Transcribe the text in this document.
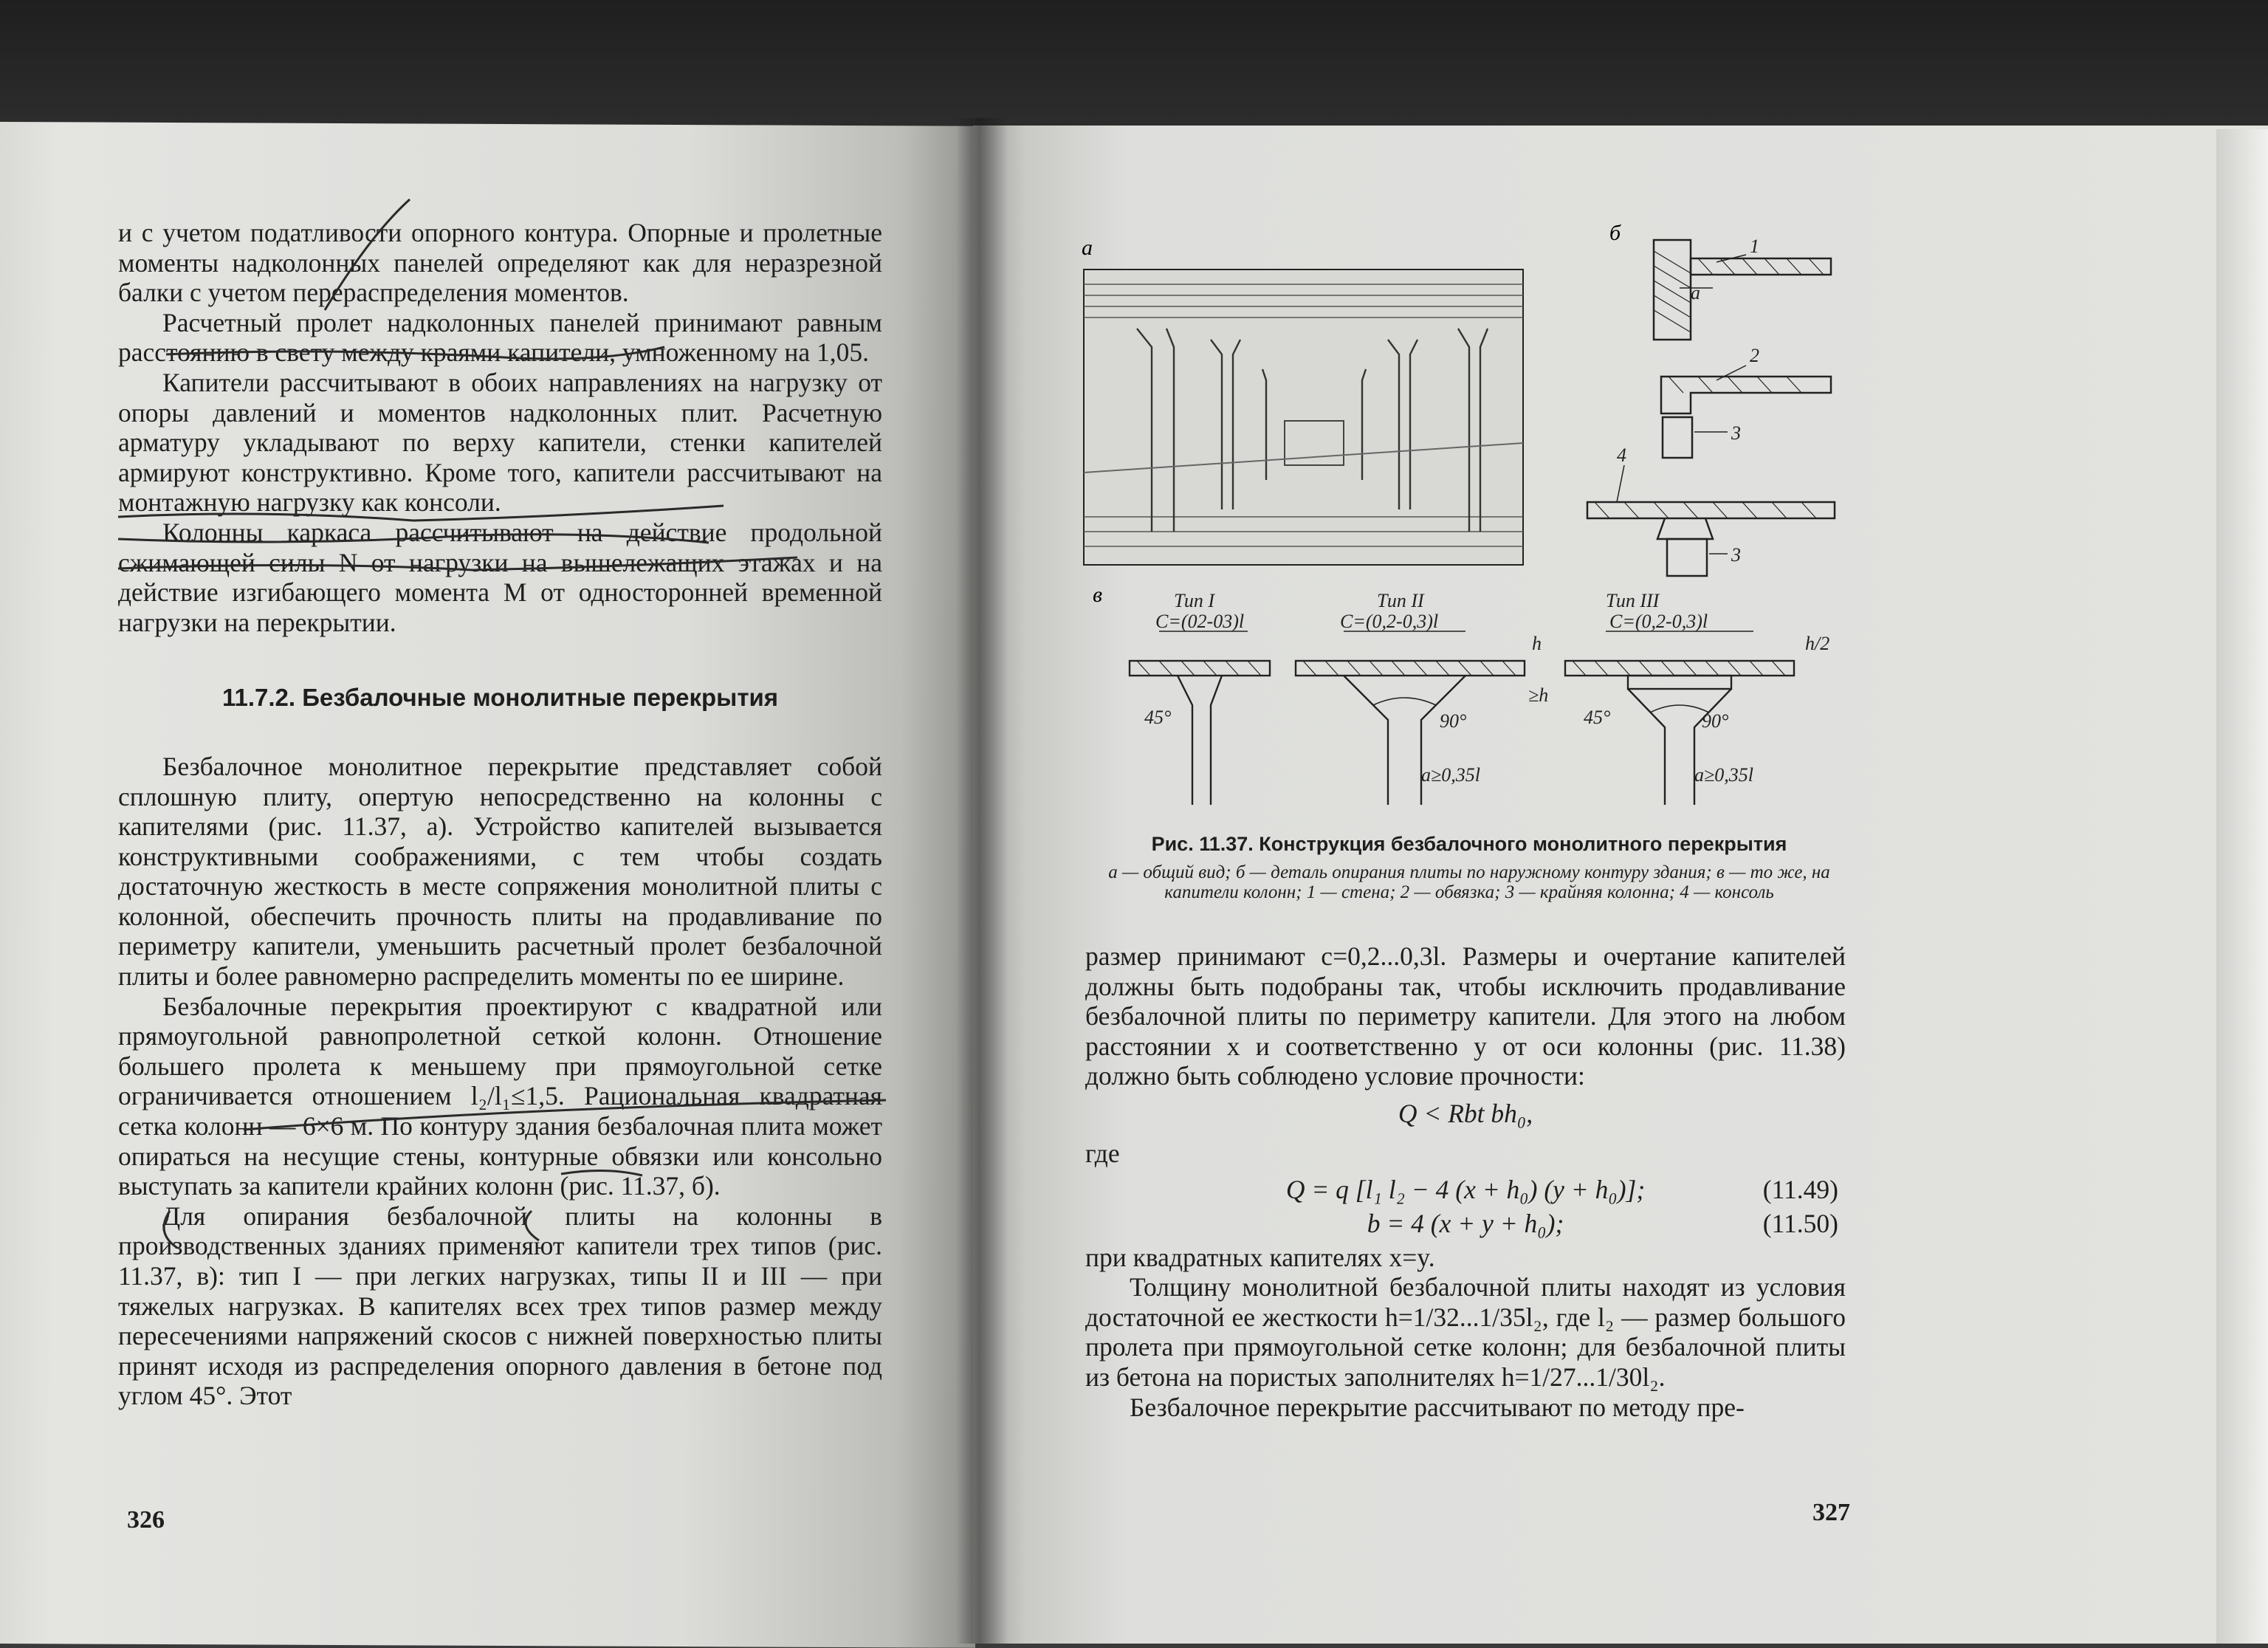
и с учетом податливости опорного контура. Опорные и пролетные моменты надколонных панелей определяют как для неразрезной балки с учетом перераспределения моментов.

Расчетный пролет надколонных панелей принимают равным расстоянию в свету между краями капители, умноженному на 1,05.

Капители рассчитывают в обоих направлениях на нагрузку от опоры давлений и моментов надколонных плит. Расчетную арматуру укладывают по верху капители, стенки капителей армируют конструктивно. Кроме того, капители рассчитывают на монтажную нагрузку как консоли.

Колонны каркаса рассчитывают на действие продольной сжимающей силы N от нагрузки на вышележащих этажах и на действие изгибающего момента M от односторонней временной нагрузки на перекрытии.

11.7.2. Безбалочные монолитные перекрытия

Безбалочное монолитное перекрытие представляет собой сплошную плиту, опертую непосредственно на колонны с капителями (рис. 11.37, а). Устройство капителей вызывается конструктивными соображениями, с тем чтобы создать достаточную жесткость в месте сопряжения монолитной плиты с колонной, обеспечить прочность плиты на продавливание по периметру капители, уменьшить расчетный пролет безбалочной плиты и более равномерно распределить моменты по ее ширине.

Безбалочные перекрытия проектируют с квадратной или прямоугольной равнопролетной сеткой колонн. Отношение большего пролета к меньшему при прямоугольной сетке ограничивается отношением l₂/l₁≤1,5. Рациональная квадратная сетка колонн — 6×6 м. По контуру здания безбалочная плита может опираться на несущие стены, контурные обвязки или консольно выступать за капители крайних колонн (рис. 11.37, б).

Для опирания безбалочной плиты на колонны в производственных зданиях применяют капители трех типов (рис. 11.37, в): тип I — при легких нагрузках, типы II и III — при тяжелых нагрузках. В капителях всех трех типов размер между пересечениями напряжений скосов с нижней поверхностью плиты принят исходя из распределения опорного давления в бетоне под углом 45°. Этот

326
а
б
в
1
2
3
3
4
a
Тип I	Тип II	Тип III
C=(02-03)l	C=(0,2-0,3)l	C=(0,2-0,3)l
45°	45°
90°	90°
a≥0,35l	a≥0,35l
h
≥h
h/2
Рис. 11.37. Конструкция безбалочного монолитного перекрытия
а — общий вид; б — деталь опирания плиты по наружному контуру здания; в — то же, на капители колонн; 1 — стена; 2 — обвязка; 3 — крайняя колонна; 4 — консоль

размер принимают c=0,2...0,3l. Размеры и очертание капителей должны быть подобраны так, чтобы исключить продавливание безбалочной плиты по периметру капители. Для этого на любом расстоянии x и соответственно y от оси колонны (рис. 11.38) должно быть соблюдено условие прочности:

Q < Rbt bh₀,
где
Q = q [l₁ l₂ − 4 (x + h₀) (y + h₀)];	(11.49)
b = 4 (x + y + h₀);	(11.50)

при квадратных капителях x=y.

Толщину монолитной безбалочной плиты находят из условия достаточной ее жесткости h=1/32...1/35l₂, где l₂ — размер большого пролета при прямоугольной сетке колонн; для безбалочной плиты из бетона на пористых заполнителях h=1/27...1/30l₂.

Безбалочное перекрытие рассчитывают по методу пре-

327
